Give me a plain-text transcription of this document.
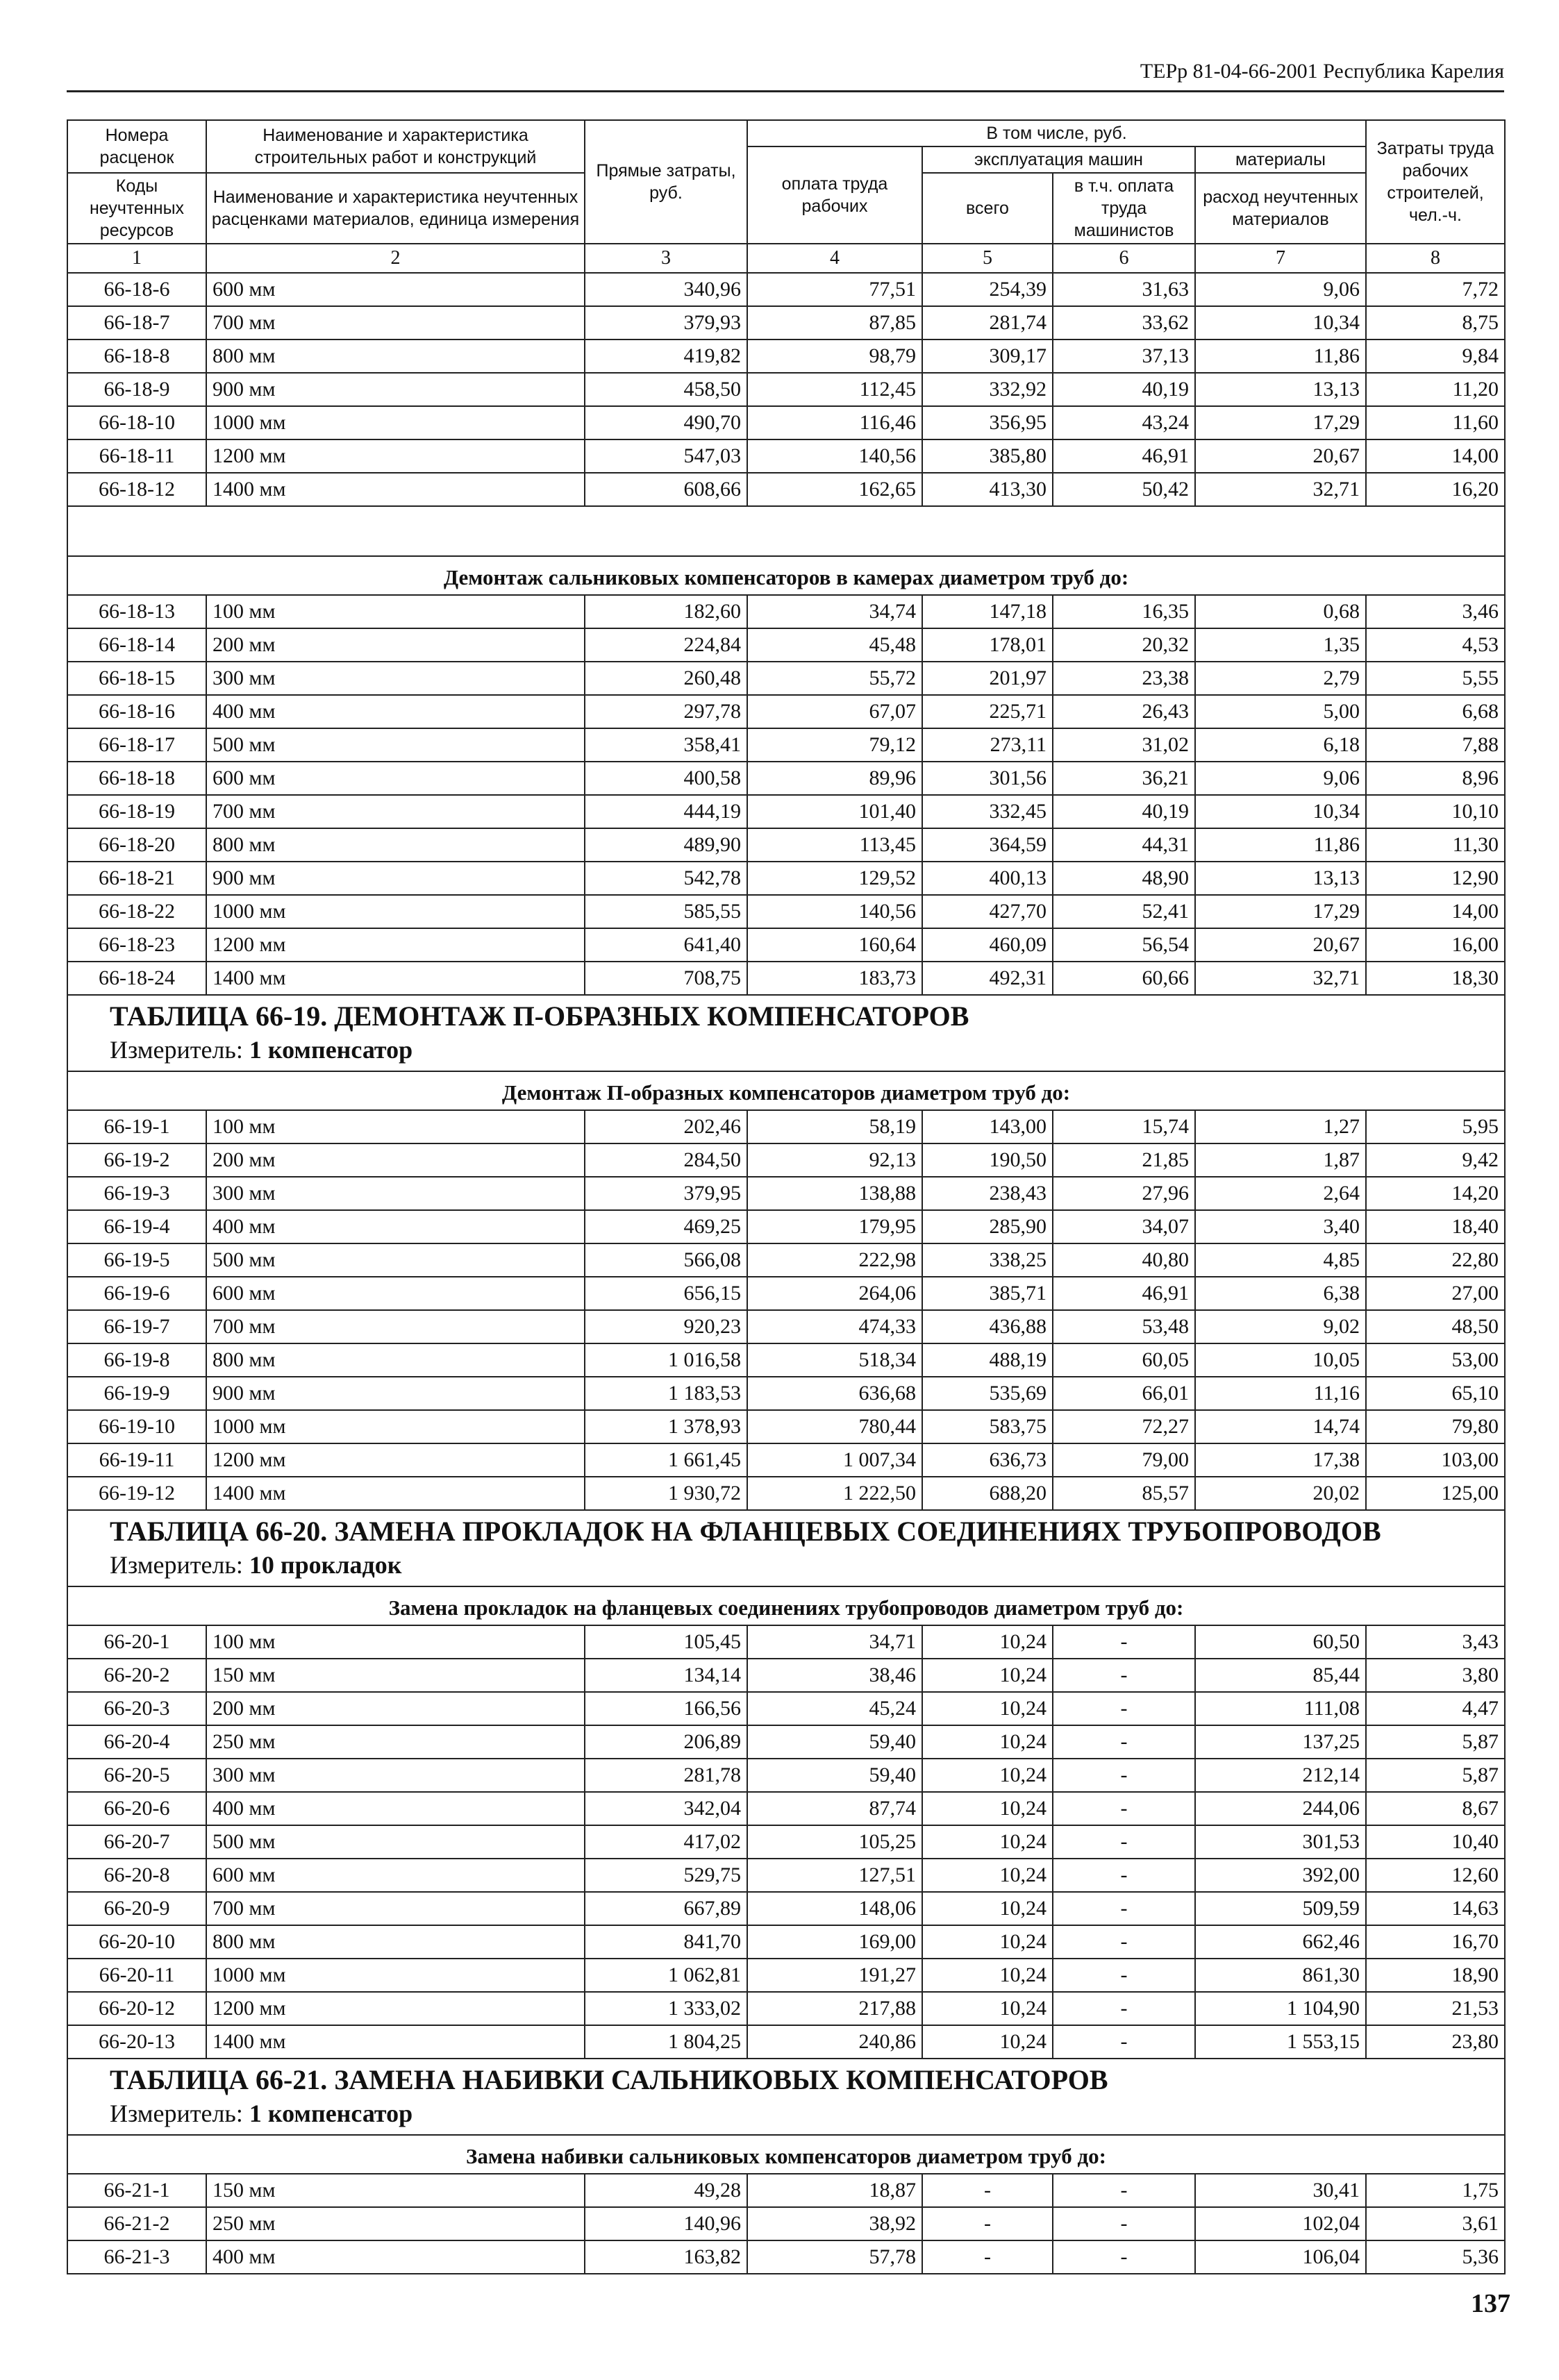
ТЕРр 81-04-66-2001 Республика Карелия
Номера расценок	Наименование и характеристика строительных работ и конструкций	Прямые затраты, руб.	В том числе, руб.				Затраты труда рабочих строителей, чел.-ч.
			оплата труда рабочих	эксплуатация машин		материалы	
Коды неучтенных ресурсов	Наименование и характеристика неучтенных расценками материалов, единица измерения			всего	в т.ч. оплата труда машинистов	расход неучтенных материалов	

1	2	3	4	5	6	7	8
66-18-6	600 мм	340,96	77,51	254,39	31,63	9,06	7,72
66-18-7	700 мм	379,93	87,85	281,74	33,62	10,34	8,75
66-18-8	800 мм	419,82	98,79	309,17	37,13	11,86	9,84
66-18-9	900 мм	458,50	112,45	332,92	40,19	13,13	11,20
66-18-10	1000 мм	490,70	116,46	356,95	43,24	17,29	11,60
66-18-11	1200 мм	547,03	140,56	385,80	46,91	20,67	14,00
66-18-12	1400 мм	608,66	162,65	413,30	50,42	32,71	16,20

Демонтаж сальниковых компенсаторов в камерах диаметром труб до:							
66-18-13	100 мм	182,60	34,74	147,18	16,35	0,68	3,46
66-18-14	200 мм	224,84	45,48	178,01	20,32	1,35	4,53
66-18-15	300 мм	260,48	55,72	201,97	23,38	2,79	5,55
66-18-16	400 мм	297,78	67,07	225,71	26,43	5,00	6,68
66-18-17	500 мм	358,41	79,12	273,11	31,02	6,18	7,88
66-18-18	600 мм	400,58	89,96	301,56	36,21	9,06	8,96
66-18-19	700 мм	444,19	101,40	332,45	40,19	10,34	10,10
66-18-20	800 мм	489,90	113,45	364,59	44,31	11,86	11,30
66-18-21	900 мм	542,78	129,52	400,13	48,90	13,13	12,90
66-18-22	1000 мм	585,55	140,56	427,70	52,41	17,29	14,00
66-18-23	1200 мм	641,40	160,64	460,09	56,54	20,67	16,00
66-18-24	1400 мм	708,75	183,73	492,31	60,66	32,71	18,30

ТАБЛИЦА 66-19. ДЕМОНТАЖ П-ОБРАЗНЫХ КОМПЕНСАТОРОВ
Измеритель: 1 компенсатор							

Демонтаж П-образных компенсаторов диаметром труб до:							
66-19-1	100 мм	202,46	58,19	143,00	15,74	1,27	5,95
66-19-2	200 мм	284,50	92,13	190,50	21,85	1,87	9,42
66-19-3	300 мм	379,95	138,88	238,43	27,96	2,64	14,20
66-19-4	400 мм	469,25	179,95	285,90	34,07	3,40	18,40
66-19-5	500 мм	566,08	222,98	338,25	40,80	4,85	22,80
66-19-6	600 мм	656,15	264,06	385,71	46,91	6,38	27,00
66-19-7	700 мм	920,23	474,33	436,88	53,48	9,02	48,50
66-19-8	800 мм	1 016,58	518,34	488,19	60,05	10,05	53,00
66-19-9	900 мм	1 183,53	636,68	535,69	66,01	11,16	65,10
66-19-10	1000 мм	1 378,93	780,44	583,75	72,27	14,74	79,80
66-19-11	1200 мм	1 661,45	1 007,34	636,73	79,00	17,38	103,00
66-19-12	1400 мм	1 930,72	1 222,50	688,20	85,57	20,02	125,00

ТАБЛИЦА 66-20. ЗАМЕНА ПРОКЛАДОК НА ФЛАНЦЕВЫХ СОЕДИНЕНИЯХ ТРУБОПРОВОДОВ
Измеритель: 10 прокладок							

Замена прокладок на фланцевых соединениях трубопроводов диаметром труб до:							
66-20-1	100 мм	105,45	34,71	10,24	-	60,50	3,43
66-20-2	150 мм	134,14	38,46	10,24	-	85,44	3,80
66-20-3	200 мм	166,56	45,24	10,24	-	111,08	4,47
66-20-4	250 мм	206,89	59,40	10,24	-	137,25	5,87
66-20-5	300 мм	281,78	59,40	10,24	-	212,14	5,87
66-20-6	400 мм	342,04	87,74	10,24	-	244,06	8,67
66-20-7	500 мм	417,02	105,25	10,24	-	301,53	10,40
66-20-8	600 мм	529,75	127,51	10,24	-	392,00	12,60
66-20-9	700 мм	667,89	148,06	10,24	-	509,59	14,63
66-20-10	800 мм	841,70	169,00	10,24	-	662,46	16,70
66-20-11	1000 мм	1 062,81	191,27	10,24	-	861,30	18,90
66-20-12	1200 мм	1 333,02	217,88	10,24	-	1 104,90	21,53
66-20-13	1400 мм	1 804,25	240,86	10,24	-	1 553,15	23,80

ТАБЛИЦА 66-21. ЗАМЕНА НАБИВКИ САЛЬНИКОВЫХ КОМПЕНСАТОРОВ
Измеритель: 1 компенсатор							

Замена набивки сальниковых компенсаторов диаметром труб до:							
66-21-1	150 мм	49,28	18,87	-	-	30,41	1,75
66-21-2	250 мм	140,96	38,92	-	-	102,04	3,61
66-21-3	400 мм	163,82	57,78	-	-	106,04	5,36
137
